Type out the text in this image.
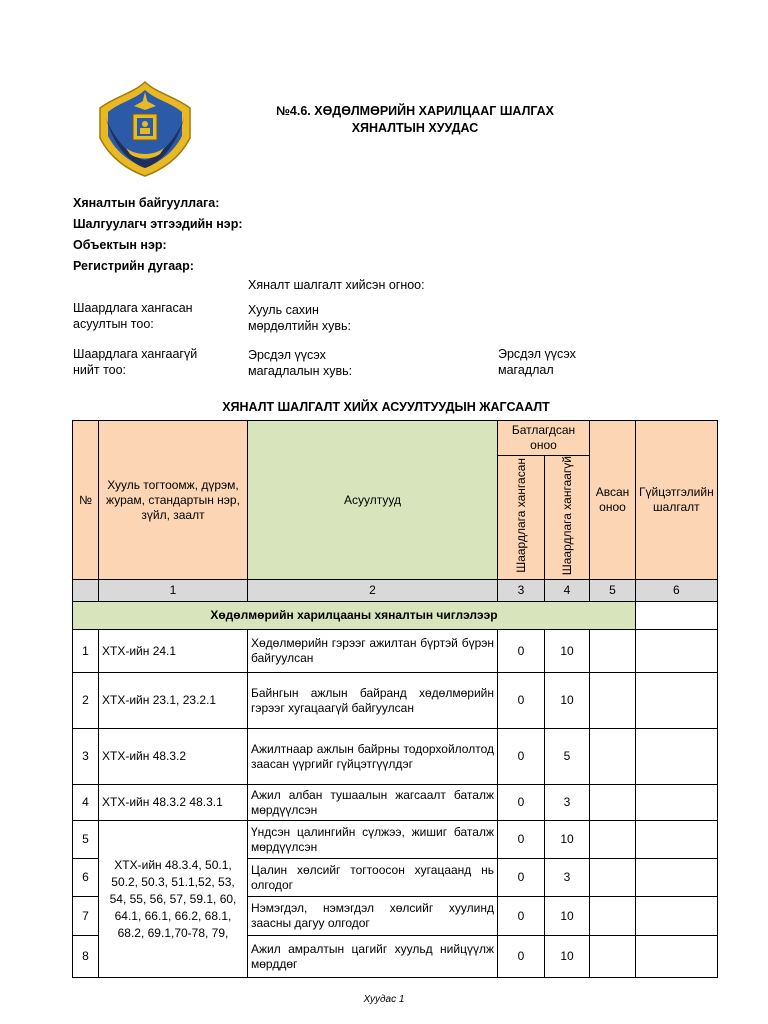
№4.6. ХӨДӨЛМӨРИЙН ХАРИЛЦААГ ШАЛГАХ
ХЯНАЛТЫН ХУУДАС
Хяналтын байгууллага:
Шалгуулагч этгээдийн нэр:
Объектын нэр:
Регистрийн дугаар:
Хяналт шалгалт хийсэн огноо:
Шаардлага хангасан
асуултын тоо:
Хууль сахин
мөрдөлтийн хувь:
Шаардлага хангаагүй
нийт тоо:
Эрсдэл үүсэх
магадлалын хувь:
Эрсдэл үүсэх
магадлал
ХЯНАЛТ ШАЛГАЛТ ХИЙХ АСУУЛТУУДЫН ЖАГСААЛТ
№	Хууль тогтоомж, дүрэм, журам, стандартын нэр, зүйл, заалт	Асуултууд	Батлагдсан оноо		Авсан оноо	Гүйцэтгэлийн шалгалт
			Шаардлага хангасан	Шаардлага хангаагүй		
	1	2	3	4	5	6
Хөдөлмөрийн харилцааны хяналтын чиглэлээр						
1	ХТХ-ийн 24.1	Хөдөлмөрийн гэрээг ажилтан бүртэй бүрэн байгуулсан	0	10		
2	ХТХ-ийн 23.1, 23.2.1	Байнгын ажлын байранд хөдөлмөрийн гэрээг хугацаагүй байгуулсан	0	10		
3	ХТХ-ийн 48.3.2	Ажилтнаар ажлын байрны тодорхойлолтод заасан үүргийг гүйцэтгүүлдэг	0	5		
4	ХТХ-ийн 48.3.2 48.3.1	Ажил албан тушаалын жагсаалт баталж мөрдүүлсэн	0	3		
5	ХТХ-ийн 48.3.4, 50.1, 50.2, 50.3, 51.1,52, 53, 54, 55, 56, 57, 59.1, 60, 64.1, 66.1, 66.2, 68.1, 68.2, 69.1,70-78, 79,	Үндсэн цалингийн сүлжээ, жишиг баталж мөрдүүлсэн	0	10		
6		Цалин хөлсийг тогтоосон хугацаанд нь олгодог	0	3		
7		Нэмэгдэл, нэмэгдэл хөлсийг хуулинд заасны дагуу олгодог	0	10		
8		Ажил амралтын цагийг хуульд нийцүүлж мөрддөг	0	10		
Хуудас 1
